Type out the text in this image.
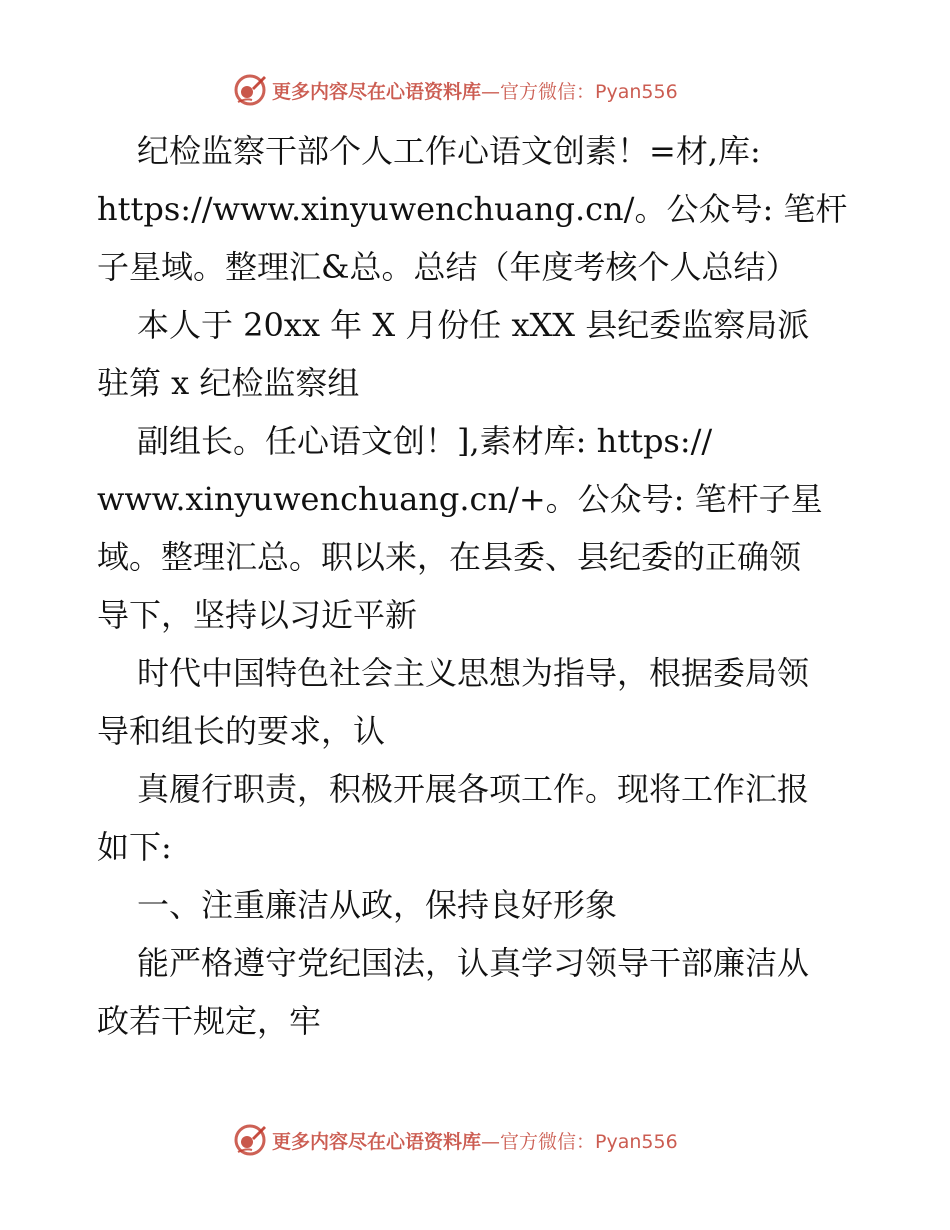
更多内容尽在心语资料库 —官方微信：Pyan556
纪检监察干部个人工作心语文创素！=材,库:
https://www.xinyuwenchuang.cn/。公众号: 笔杆
子星域。整理汇&总。总结（年度考核个人总结）
本人于 20xx 年 X 月份任 xXX 县纪委监察局派
驻第 x 纪检监察组
副组长。任心语文创！],素材库: https://
www.xinyuwenchuang.cn/+。公众号: 笔杆子星
域。整理汇总。职以来，在县委、县纪委的正确领
导下，坚持以习近平新
时代中国特色社会主义思想为指导，根据委局领
导和组长的要求，认
真履行职责，积极开展各项工作。现将工作汇报
如下:
一、注重廉洁从政，保持良好形象
能严格遵守党纪国法，认真学习领导干部廉洁从
政若干规定，牢
更多内容尽在心语资料库 —官方微信：Pyan556
